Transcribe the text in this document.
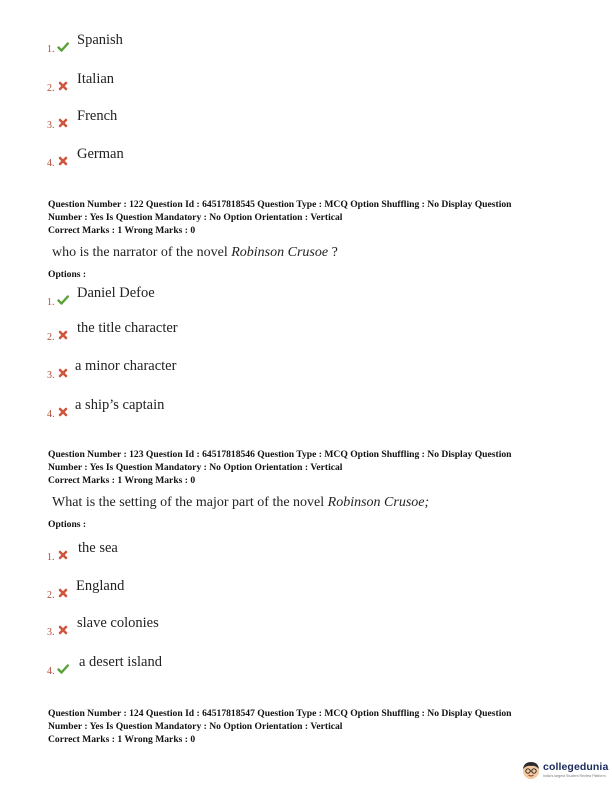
1.
Spanish
2.
Italian
3.
French
4.
German
Question Number : 122 Question Id : 64517818545 Question Type : MCQ Option Shuffling : No Display Question
Number : Yes Is Question Mandatory : No Option Orientation : Vertical
Correct Marks : 1 Wrong Marks : 0
who is the narrator of the novel Robinson Crusoe ?
Options :
1.
Daniel Defoe
2.
the title character
3.
a minor character
4.
a ship’s captain
Question Number : 123 Question Id : 64517818546 Question Type : MCQ Option Shuffling : No Display Question
Number : Yes Is Question Mandatory : No Option Orientation : Vertical
Correct Marks : 1 Wrong Marks : 0
What is the setting of the major part of the novel Robinson Crusoe;
Options :
1.
the sea
2.
England
3.
slave colonies
4.
a desert island
Question Number : 124 Question Id : 64517818547 Question Type : MCQ Option Shuffling : No Display Question
Number : Yes Is Question Mandatory : No Option Orientation : Vertical
Correct Marks : 1 Wrong Marks : 0
collegedunia
India's largest Student Review Platform
